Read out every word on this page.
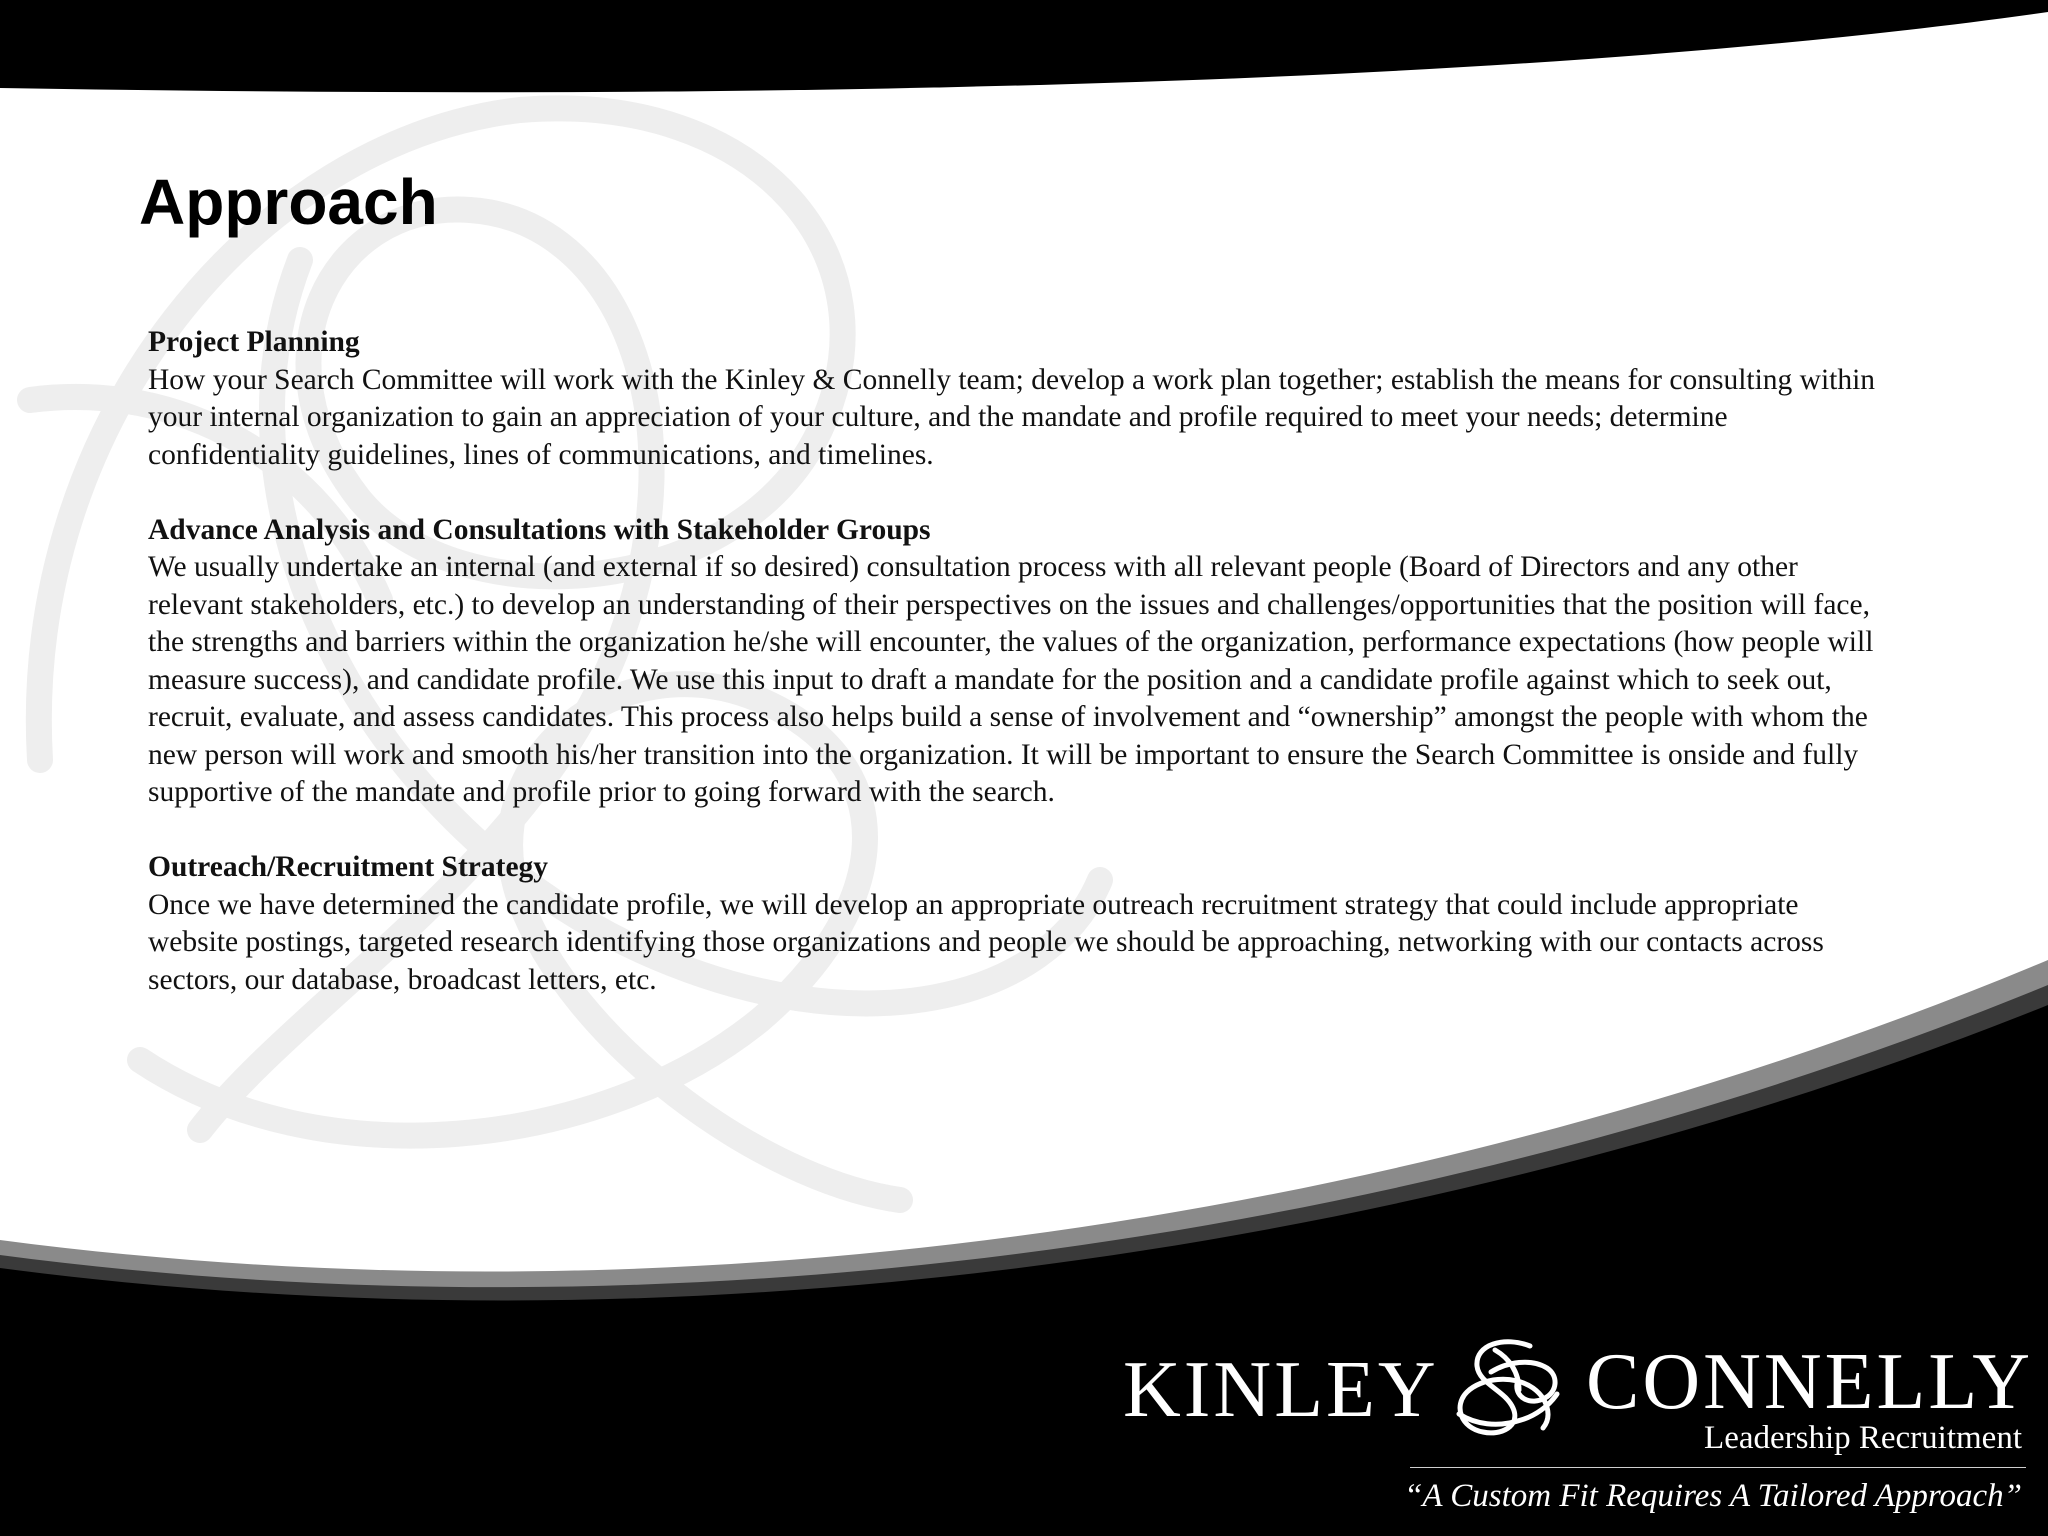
Approach
Project Planning
How your Search Committee will work with the Kinley & Connelly team; develop a work plan together; establish the means for consulting within your internal organization to gain an appreciation of your culture, and the mandate and profile required to meet your needs; determine confidentiality guidelines, lines of communications, and timelines.
Advance Analysis and Consultations with Stakeholder Groups
We usually undertake an internal (and external if so desired) consultation process with all relevant people (Board of Directors and any other relevant stakeholders, etc.) to develop an understanding of their perspectives on the issues and challenges/opportunities that the position will face, the strengths and barriers within the organization he/she will encounter, the values of the organization, performance expectations (how people will measure success), and candidate profile. We use this input to draft a mandate for the position and a candidate profile against which to seek out, recruit, evaluate, and assess candidates. This process also helps build a sense of involvement and “ownership” amongst the people with whom the new person will work and smooth his/her transition into the organization. It will be important to ensure the Search Committee is onside and fully supportive of the mandate and profile prior to going forward with the search.
Outreach/Recruitment Strategy
Once we have determined the candidate profile, we will develop an appropriate outreach recruitment strategy that could include appropriate website postings, targeted research identifying those organizations and people we should be approaching, networking with our contacts across sectors, our database, broadcast letters, etc.
KINLEY CONNELLY
Leadership Recruitment
“A Custom Fit Requires A Tailored Approach”
